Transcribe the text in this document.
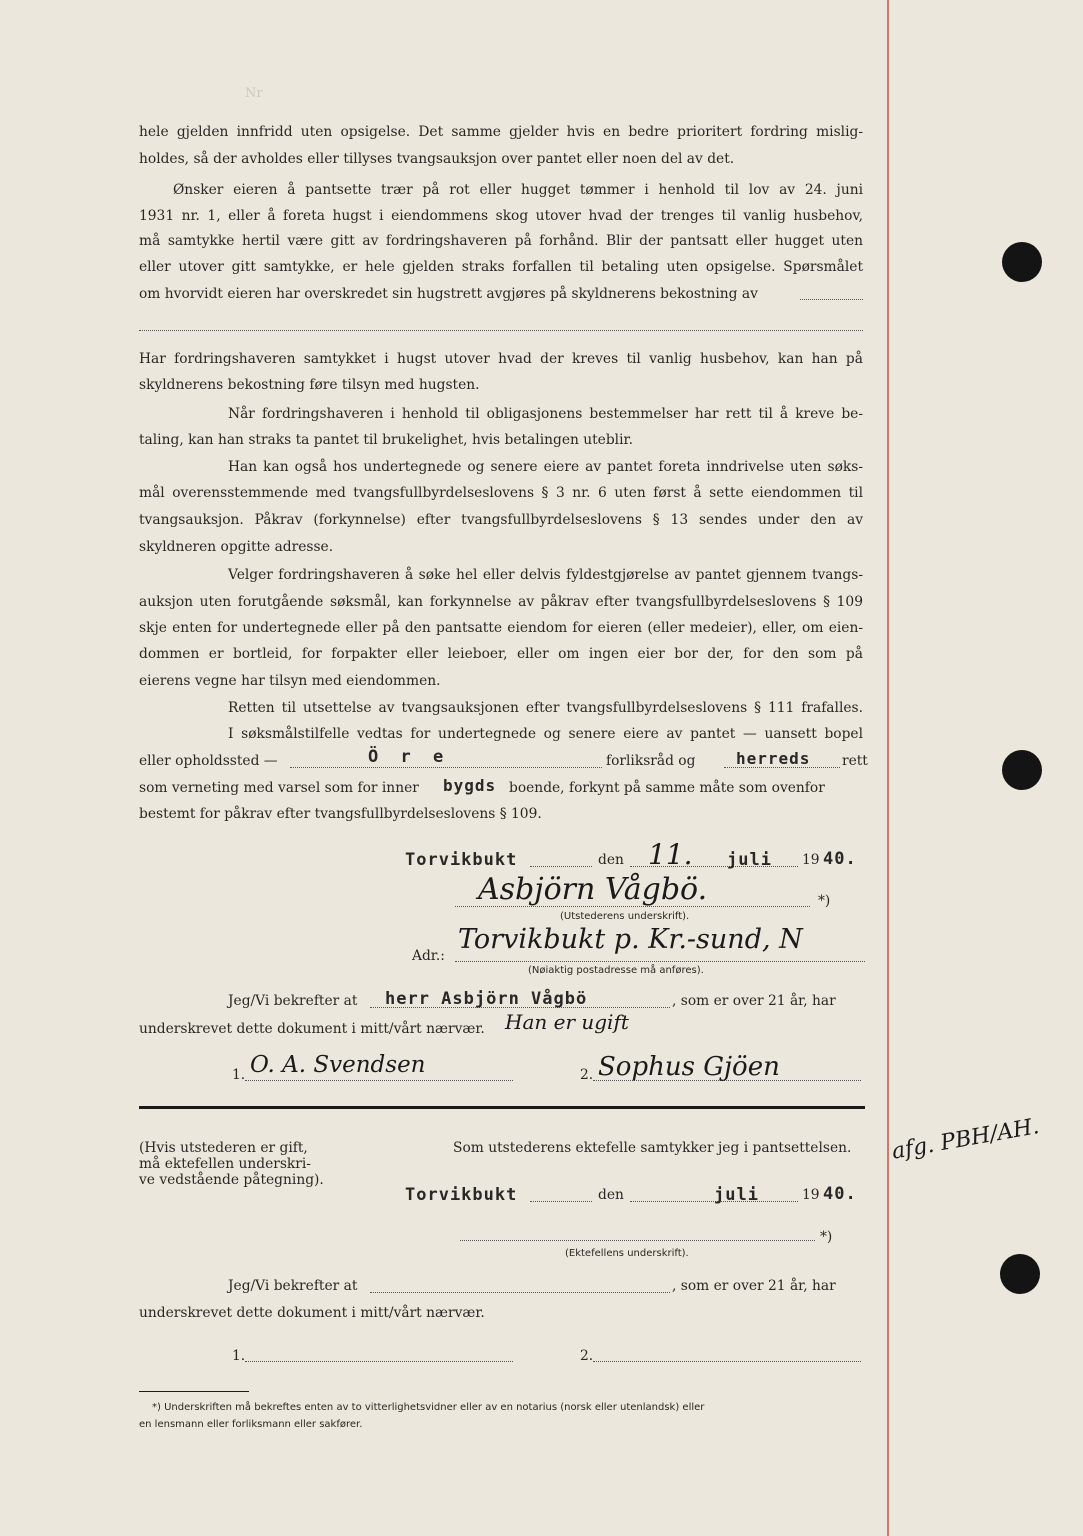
Nr
hele gjelden innfridd uten opsigelse. Det samme gjelder hvis en bedre prioritert fordring mislig-
holdes, så der avholdes eller tillyses tvangsauksjon over pantet eller noen del av det.
Ønsker eieren å pantsette trær på rot eller hugget tømmer i henhold til lov av 24. juni
1931 nr. 1, eller å foreta hugst i eiendommens skog utover hvad der trenges til vanlig husbehov,
må samtykke hertil være gitt av fordringshaveren på forhånd. Blir der pantsatt eller hugget uten
eller utover gitt samtykke, er hele gjelden straks forfallen til betaling uten opsigelse. Spørsmålet
om hvorvidt eieren har overskredet sin hugstrett avgjøres på skyldnerens bekostning av
Har fordringshaveren samtykket i hugst utover hvad der kreves til vanlig husbehov, kan han på
skyldnerens bekostning føre tilsyn med hugsten.
Når fordringshaveren i henhold til obligasjonens bestemmelser har rett til å kreve be-
taling, kan han straks ta pantet til brukelighet, hvis betalingen uteblir.
Han kan også hos undertegnede og senere eiere av pantet foreta inndrivelse uten søks-
mål overensstemmende med tvangsfullbyrdelseslovens § 3 nr. 6 uten først å sette eiendommen til
tvangsauksjon. Påkrav (forkynnelse) efter tvangsfullbyrdelseslovens § 13 sendes under den av
skyldneren opgitte adresse.
Velger fordringshaveren å søke hel eller delvis fyldestgjørelse av pantet gjennem tvangs-
auksjon uten forutgående søksmål, kan forkynnelse av påkrav efter tvangsfullbyrdelseslovens § 109
skje enten for undertegnede eller på den pantsatte eiendom for eieren (eller medeier), eller, om eien-
dommen er bortleid, for forpakter eller leieboer, eller om ingen eier bor der, for den som på
eierens vegne har tilsyn med eiendommen.
Retten til utsettelse av tvangsauksjonen efter tvangsfullbyrdelseslovens § 111 frafalles.
I søksmålstilfelle vedtas for undertegnede og senere eiere av pantet — uansett bopel
eller opholdssted —	Ö r e	forliksråd og	herreds rett
som verneting med varsel som for inner bygds boende, forkynt på samme måte som ovenfor
bestemt for påkrav efter tvangsfullbyrdelseslovens § 109.
Torvikbukt	den 11. juli 19 40.
Asbjörn Vågbö.	*)
(Utstederens underskrift).
Adr.:
Torvikbukt p. Kr.-sund, N
(Nøiaktig postadresse må anføres).
Jeg/Vi bekrefter at herr Asbjörn Vågbö	, som er over 21 år, har
underskrevet dette dokument i mitt/vårt nærvær. Han er ugift
1. O. A. Svendsen	2. Sophus Gjöen
(Hvis utstederen er gift,
må ektefellen underskri-
ve vedstående påtegning).
Som utstederens ektefelle samtykker jeg i pantsettelsen.
Torvikbukt	den	juli	19 40.
*)
(Ektefellens underskrift).
afg. PBH/AH.
Jeg/Vi bekrefter at	, som er over 21 år, har
underskrevet dette dokument i mitt/vårt nærvær.
1.	2.
*) Underskriften må bekreftes enten av to vitterlighetsvidner eller av en notarius (norsk eller utenlandsk) eller
en lensmann eller forliksmann eller sakfører.
